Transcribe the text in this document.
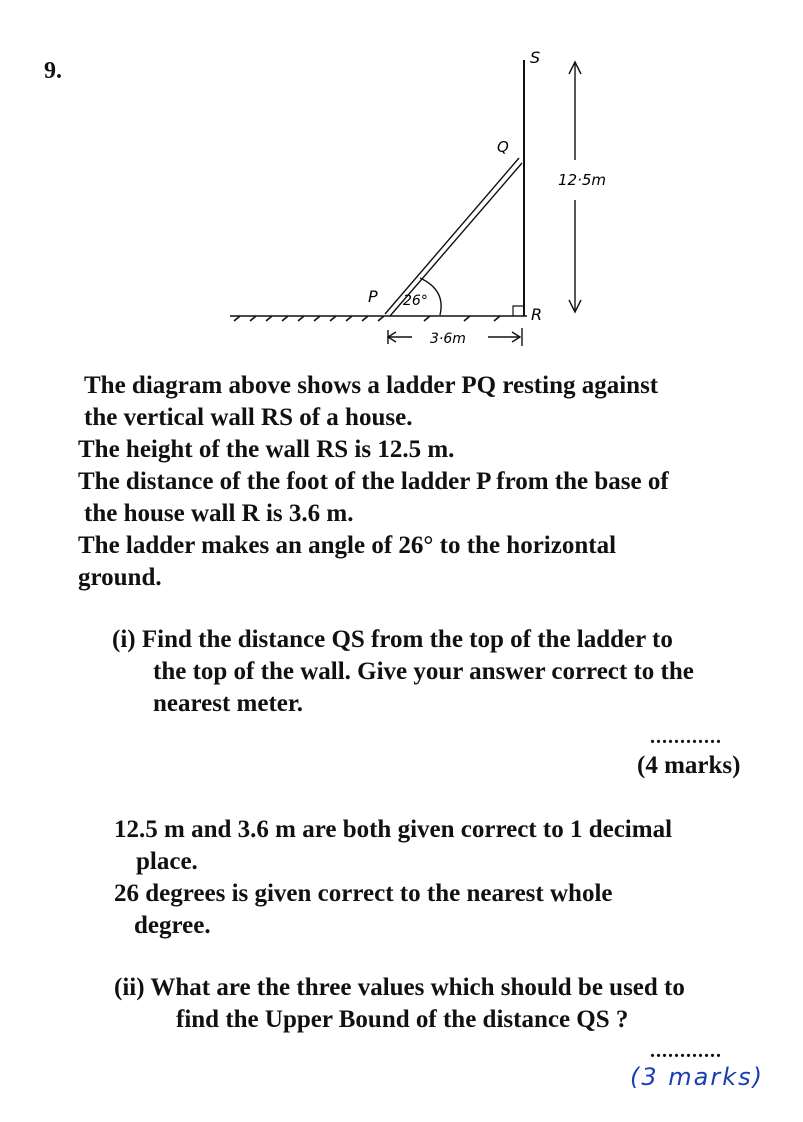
9.
S
Q
P
R
26°
12·5m
3·6m
The diagram above shows a ladder PQ resting against
the vertical wall RS of a house.
The height of the wall RS is 12.5 m.
The distance of the foot of the ladder P from the base of
the house wall R is 3.6 m.
The ladder makes an angle of 26° to the horizontal
ground.
(i) Find the distance QS from the top of the ladder to
the top of the wall. Give your answer correct to the
nearest meter.
............
(4 marks)
12.5 m and 3.6 m are both given correct to 1 decimal
place.
26 degrees is given correct to the nearest whole
degree.
(ii) What are the three values which should be used to
find the Upper Bound of the distance QS ?
............
(3 marks)
